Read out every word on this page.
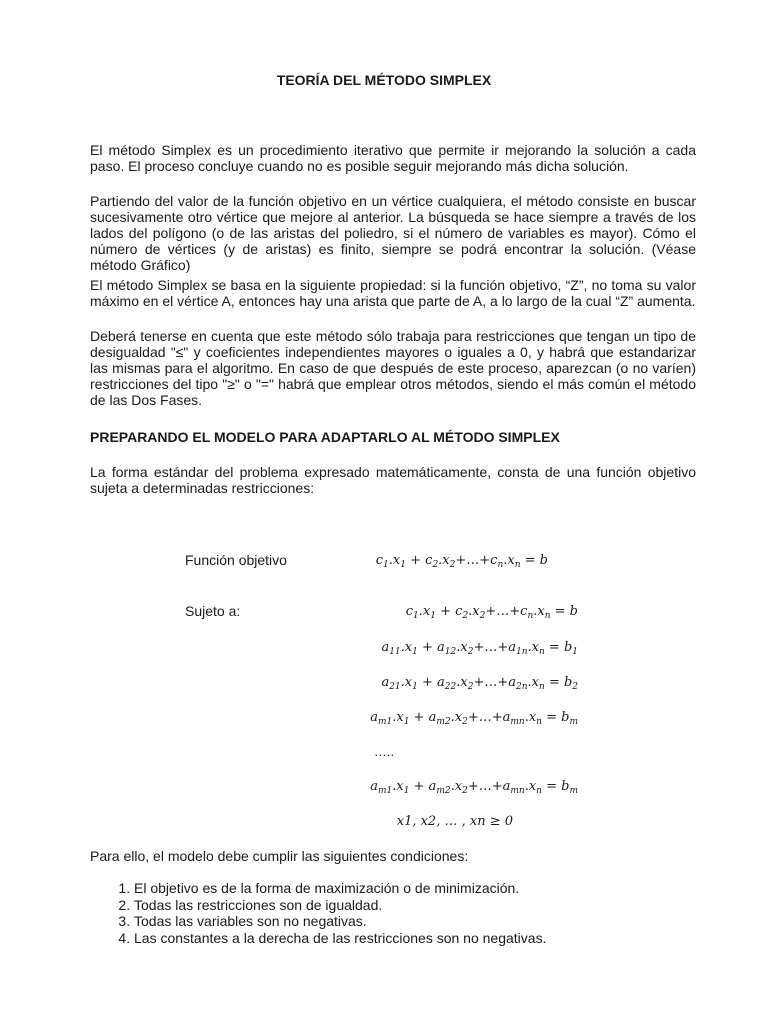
TEORÍA DEL MÉTODO SIMPLEX
El método Simplex es un procedimiento iterativo que permite ir mejorando la solución a cada paso. El proceso concluye cuando no es posible seguir mejorando más dicha solución.
Partiendo del valor de la función objetivo en un vértice cualquiera, el método consiste en buscar sucesivamente otro vértice que mejore al anterior. La búsqueda se hace siempre a través de los lados del polígono (o de las aristas del poliedro, si el número de variables es mayor). Cómo el número de vértices (y de aristas) es finito, siempre se podrá encontrar la solución. (Véase método Gráfico)
El método Simplex se basa en la siguiente propiedad: si la función objetivo, “Z”, no toma su valor máximo en el vértice A, entonces hay una arista que parte de A, a lo largo de la cual “Z” aumenta.
Deberá tenerse en cuenta que este método sólo trabaja para restricciones que tengan un tipo de desigualdad "≤" y coeficientes independientes mayores o iguales a 0, y habrá que estandarizar las mismas para el algoritmo. En caso de que después de este proceso, aparezcan (o no varíen) restricciones del tipo "≥" o "=" habrá que emplear otros métodos, siendo el más común el método de las Dos Fases.
PREPARANDO EL MODELO PARA ADAPTARLO AL MÉTODO SIMPLEX
La forma estándar del problema expresado matemáticamente, consta de una función objetivo sujeta a determinadas restricciones:
Función objetivo	$c_1.x_1$ + $c_2.x_2+\dots+c_n.x_n = b$
Sujeto a:	$c_1.x_1$ + $c_2.x_2+\dots+c_n.x_n = b$
$a_{11}.x_1$ + $a_{12}.x_2+\dots+a_{1n}.x_n = b_1$
$a_{21}.x_1$ + $a_{22}.x_2+\dots+a_{2n}.x_n = b_2$
$a_{m1}.x_1$ + $a_{m2}.x_2+\dots+a_{mn}.x_n = b_m$
…..
$a_{m1}.x_1$ + $a_{m2}.x_2+\dots+a_{mn}.x_n = b_m$
x1, x2, … , xn ≥ 0
Para ello, el modelo debe cumplir las siguientes condiciones:
1. El objetivo es de la forma de maximización o de minimización.
2. Todas las restricciones son de igualdad.
3. Todas las variables son no negativas.
4. Las constantes a la derecha de las restricciones son no negativas.
